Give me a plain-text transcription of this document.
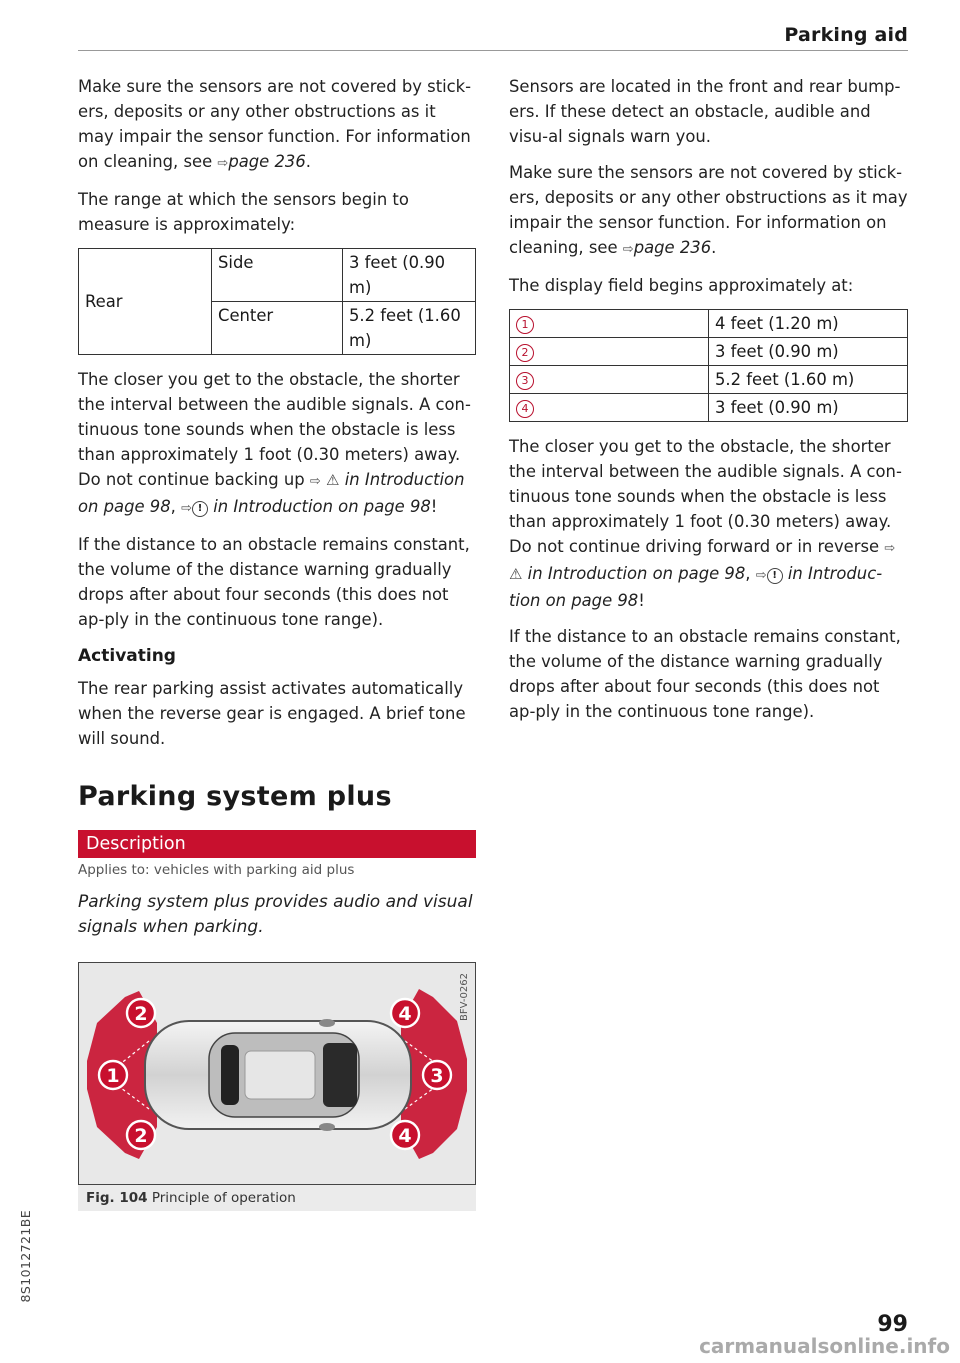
Parking aid

Make sure the sensors are not covered by stick-ers, deposits or any other obstructions as it may impair the sensor function. For information on cleaning, see ⇨page 236.

The range at which the sensors begin to measure is approximately:

Rear	Side	3 feet (0.90 m)
	Center	5.2 feet (1.60 m)

The closer you get to the obstacle, the shorter the interval between the audible signals. A con-tinuous tone sounds when the obstacle is less than approximately 1 foot (0.30 meters) away. Do not continue backing up ⇨ ⚠ in Introduction on page 98, ⇨ ! in Introduction on page 98!

If the distance to an obstacle remains constant, the volume of the distance warning gradually drops after about four seconds (this does not ap-ply in the continuous tone range).

Activating

The rear parking assist activates automatically when the reverse gear is engaged. A brief tone will sound.

Parking system plus
Description
Applies to: vehicles with parking aid plus
Parking system plus provides audio and visual signals when parking.
1
2
2
3
4
4
BFV-0262
Fig. 104 Principle of operation

Sensors are located in the front and rear bump-ers. If these detect an obstacle, audible and visu-al signals warn you.

Make sure the sensors are not covered by stick-ers, deposits or any other obstructions as it may impair the sensor function. For information on cleaning, see ⇨page 236.

The display field begins approximately at:

1	4 feet (1.20 m)
2	3 feet (0.90 m)
3	5.2 feet (1.60 m)
4	3 feet (0.90 m)

The closer you get to the obstacle, the shorter the interval between the audible signals. A con-tinuous tone sounds when the obstacle is less than approximately 1 foot (0.30 meters) away. Do not continue driving forward or in reverse ⇨ ⚠ in Introduction on page 98, ⇨ ! in Introduc-tion on page 98!

If the distance to an obstacle remains constant, the volume of the distance warning gradually drops after about four seconds (this does not ap-ply in the continuous tone range).

8S1012721BE
99
carmanualsonline.info
